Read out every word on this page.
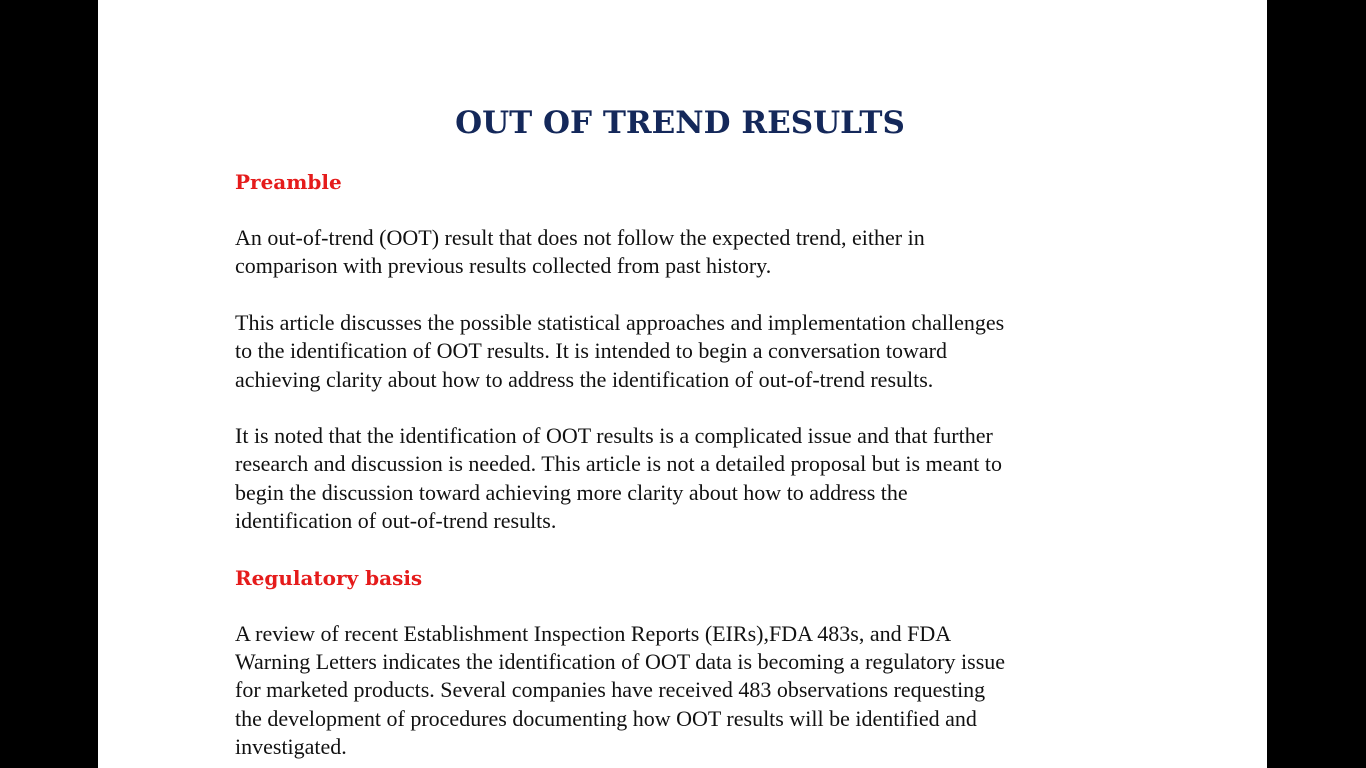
OUT OF TREND RESULTS
Preamble

An out-of-trend (OOT) result that does not follow the expected trend, either in
comparison with previous results collected from past history.

This article discusses the possible statistical approaches and implementation challenges
to the identification of OOT results. It is intended to begin a conversation toward
achieving clarity about how to address the identification of out-of-trend results.

It is noted that the identification of OOT results is a complicated issue and that further
research and discussion is needed. This article is not a detailed proposal but is meant to
begin the discussion toward achieving more clarity about how to address the
identification of out-of-trend results.

Regulatory basis

A review of recent Establishment Inspection Reports (EIRs),FDA 483s, and FDA
Warning Letters indicates the identification of OOT data is becoming a regulatory issue
for marketed products. Several companies have received 483 observations requesting
the development of procedures documenting how OOT results will be identified and
investigated.
